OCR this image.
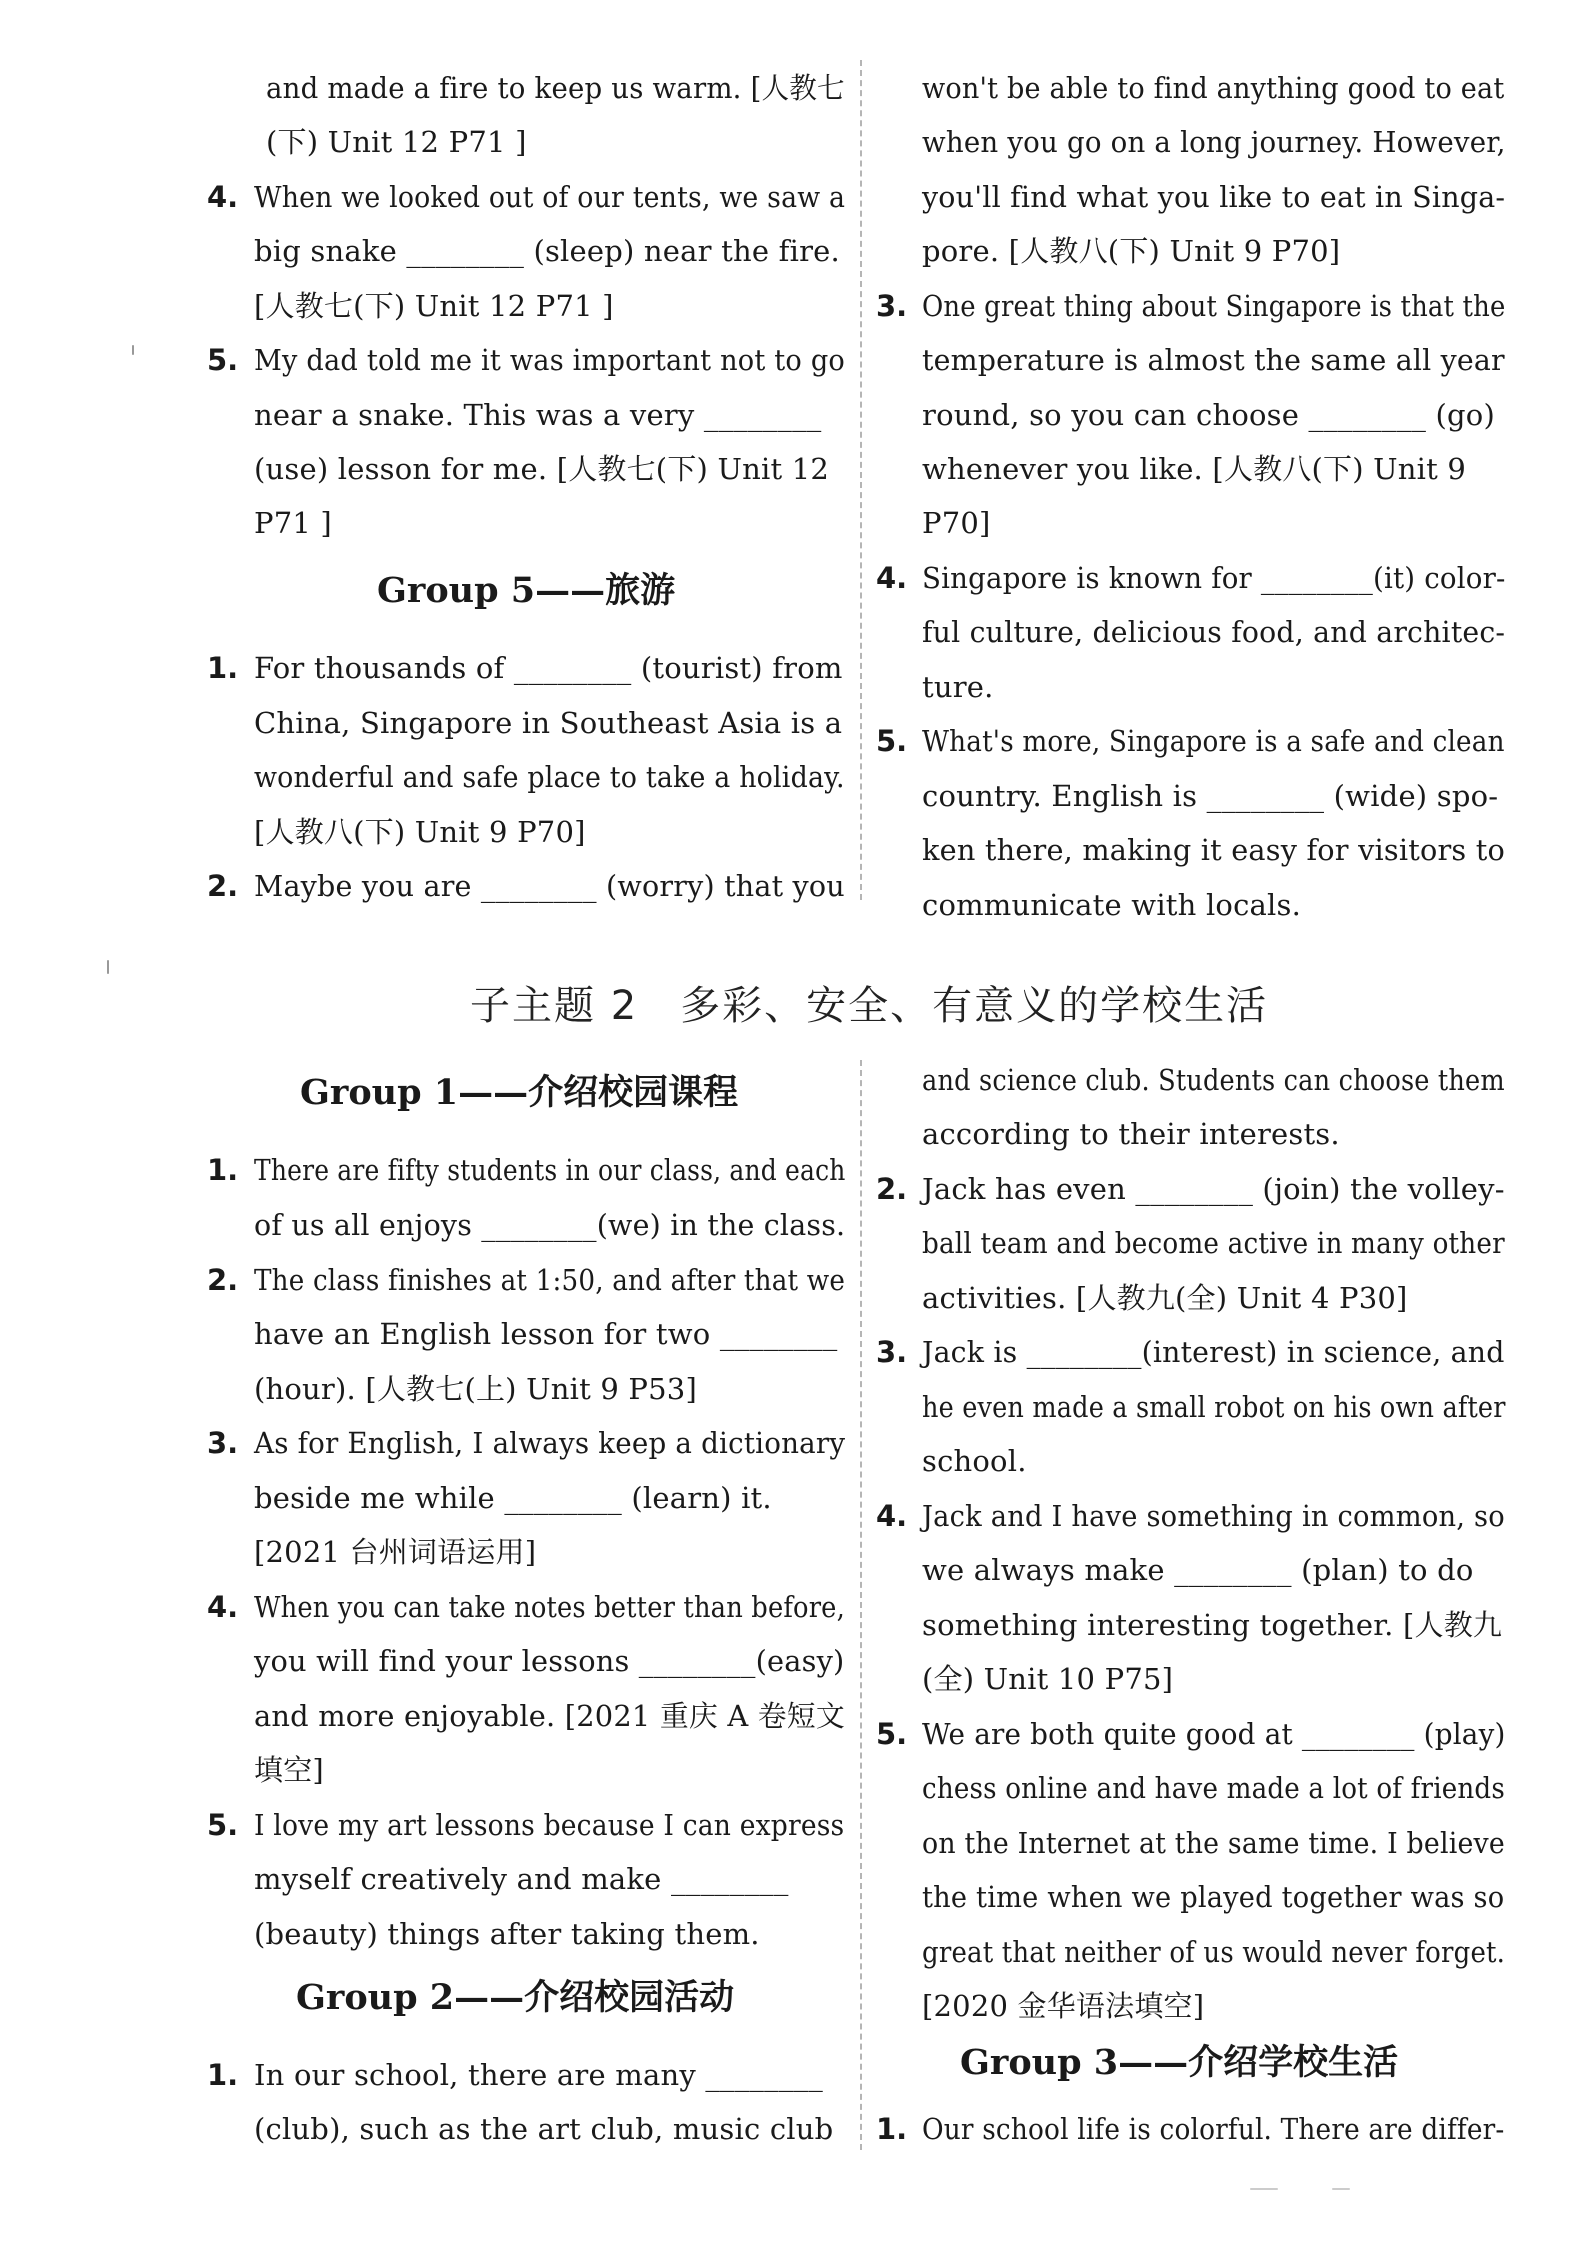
and made a fire to keep us warm. [人教七
(下) Unit 12 P71 ]
4. When we looked out of our tents, we saw a
big snake ________ (sleep) near the fire.
[人教七(下) Unit 12 P71 ]
5. My dad told me it was important not to go
near a snake. This was a very ________
(use) lesson for me. [人教七(下) Unit 12
P71 ]
Group 5——旅游
1. For thousands of ________ (tourist) from
China, Singapore in Southeast Asia is a
wonderful and safe place to take a holiday.
[人教八(下) Unit 9 P70]
2. Maybe you are ________ (worry) that you
won't be able to find anything good to eat
when you go on a long journey. However,
you'll find what you like to eat in Singa-
pore. [人教八(下) Unit 9 P70]
3. One great thing about Singapore is that the
temperature is almost the same all year
round, so you can choose ________ (go)
whenever you like. [人教八(下) Unit 9
P70]
4. Singapore is known for ________(it) color-
ful culture, delicious food, and architec-
ture.
5. What's more, Singapore is a safe and clean
country. English is ________ (wide) spo-
ken there, making it easy for visitors to
communicate with locals.
子主题 2　多彩、安全、有意义的学校生活
Group 1——介绍校园课程
1. There are fifty students in our class, and each
of us all enjoys ________(we) in the class.
2. The class finishes at 1:50, and after that we
have an English lesson for two ________
(hour). [人教七(上) Unit 9 P53]
3. As for English, I always keep a dictionary
beside me while ________ (learn) it.
[2021 台州词语运用]
4. When you can take notes better than before,
you will find your lessons ________(easy)
and more enjoyable. [2021 重庆 A 卷短文
填空]
5. I love my art lessons because I can express
myself creatively and make ________
(beauty) things after taking them.
Group 2——介绍校园活动
1. In our school, there are many ________
(club), such as the art club, music club
and science club. Students can choose them
according to their interests.
2. Jack has even ________ (join) the volley-
ball team and become active in many other
activities. [人教九(全) Unit 4 P30]
3. Jack is ________(interest) in science, and
he even made a small robot on his own after
school.
4. Jack and I have something in common, so
we always make ________ (plan) to do
something interesting together. [人教九
(全) Unit 10 P75]
5. We are both quite good at ________ (play)
chess online and have made a lot of friends
on the Internet at the same time. I believe
the time when we played together was so
great that neither of us would never forget.
[2020 金华语法填空]
Group 3——介绍学校生活
1. Our school life is colorful. There are differ-
